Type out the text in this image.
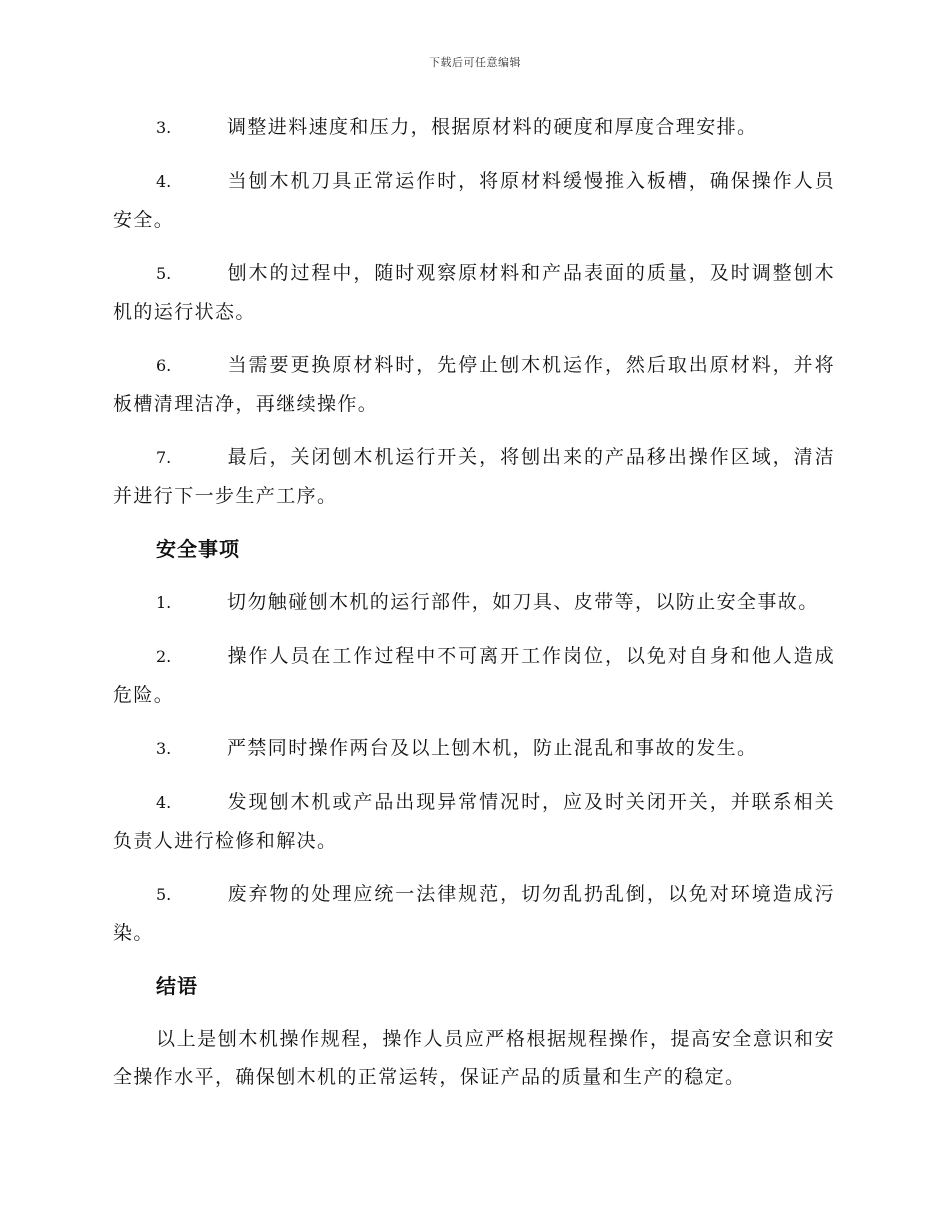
下载后可任意编辑

3.	调整进料速度和压力，根据原材料的硬度和厚度合理安排。

4.	当刨木机刀具正常运作时，将原材料缓慢推入板槽，确保操作人员安全。

5.	刨木的过程中，随时观察原材料和产品表面的质量，及时调整刨木机的运行状态。

6.	当需要更换原材料时，先停止刨木机运作，然后取出原材料，并将板槽清理洁净，再继续操作。

7.	最后，关闭刨木机运行开关，将刨出来的产品移出操作区域，清洁并进行下一步生产工序。

安全事项

1.	切勿触碰刨木机的运行部件，如刀具、皮带等，以防止安全事故。

2.	操作人员在工作过程中不可离开工作岗位，以免对自身和他人造成危险。

3.	严禁同时操作两台及以上刨木机，防止混乱和事故的发生。

4.	发现刨木机或产品出现异常情况时，应及时关闭开关，并联系相关负责人进行检修和解决。

5.	废弃物的处理应统一法律规范，切勿乱扔乱倒，以免对环境造成污染。

结语

以上是刨木机操作规程，操作人员应严格根据规程操作，提高安全意识和安全操作水平，确保刨木机的正常运转，保证产品的质量和生产的稳定。
